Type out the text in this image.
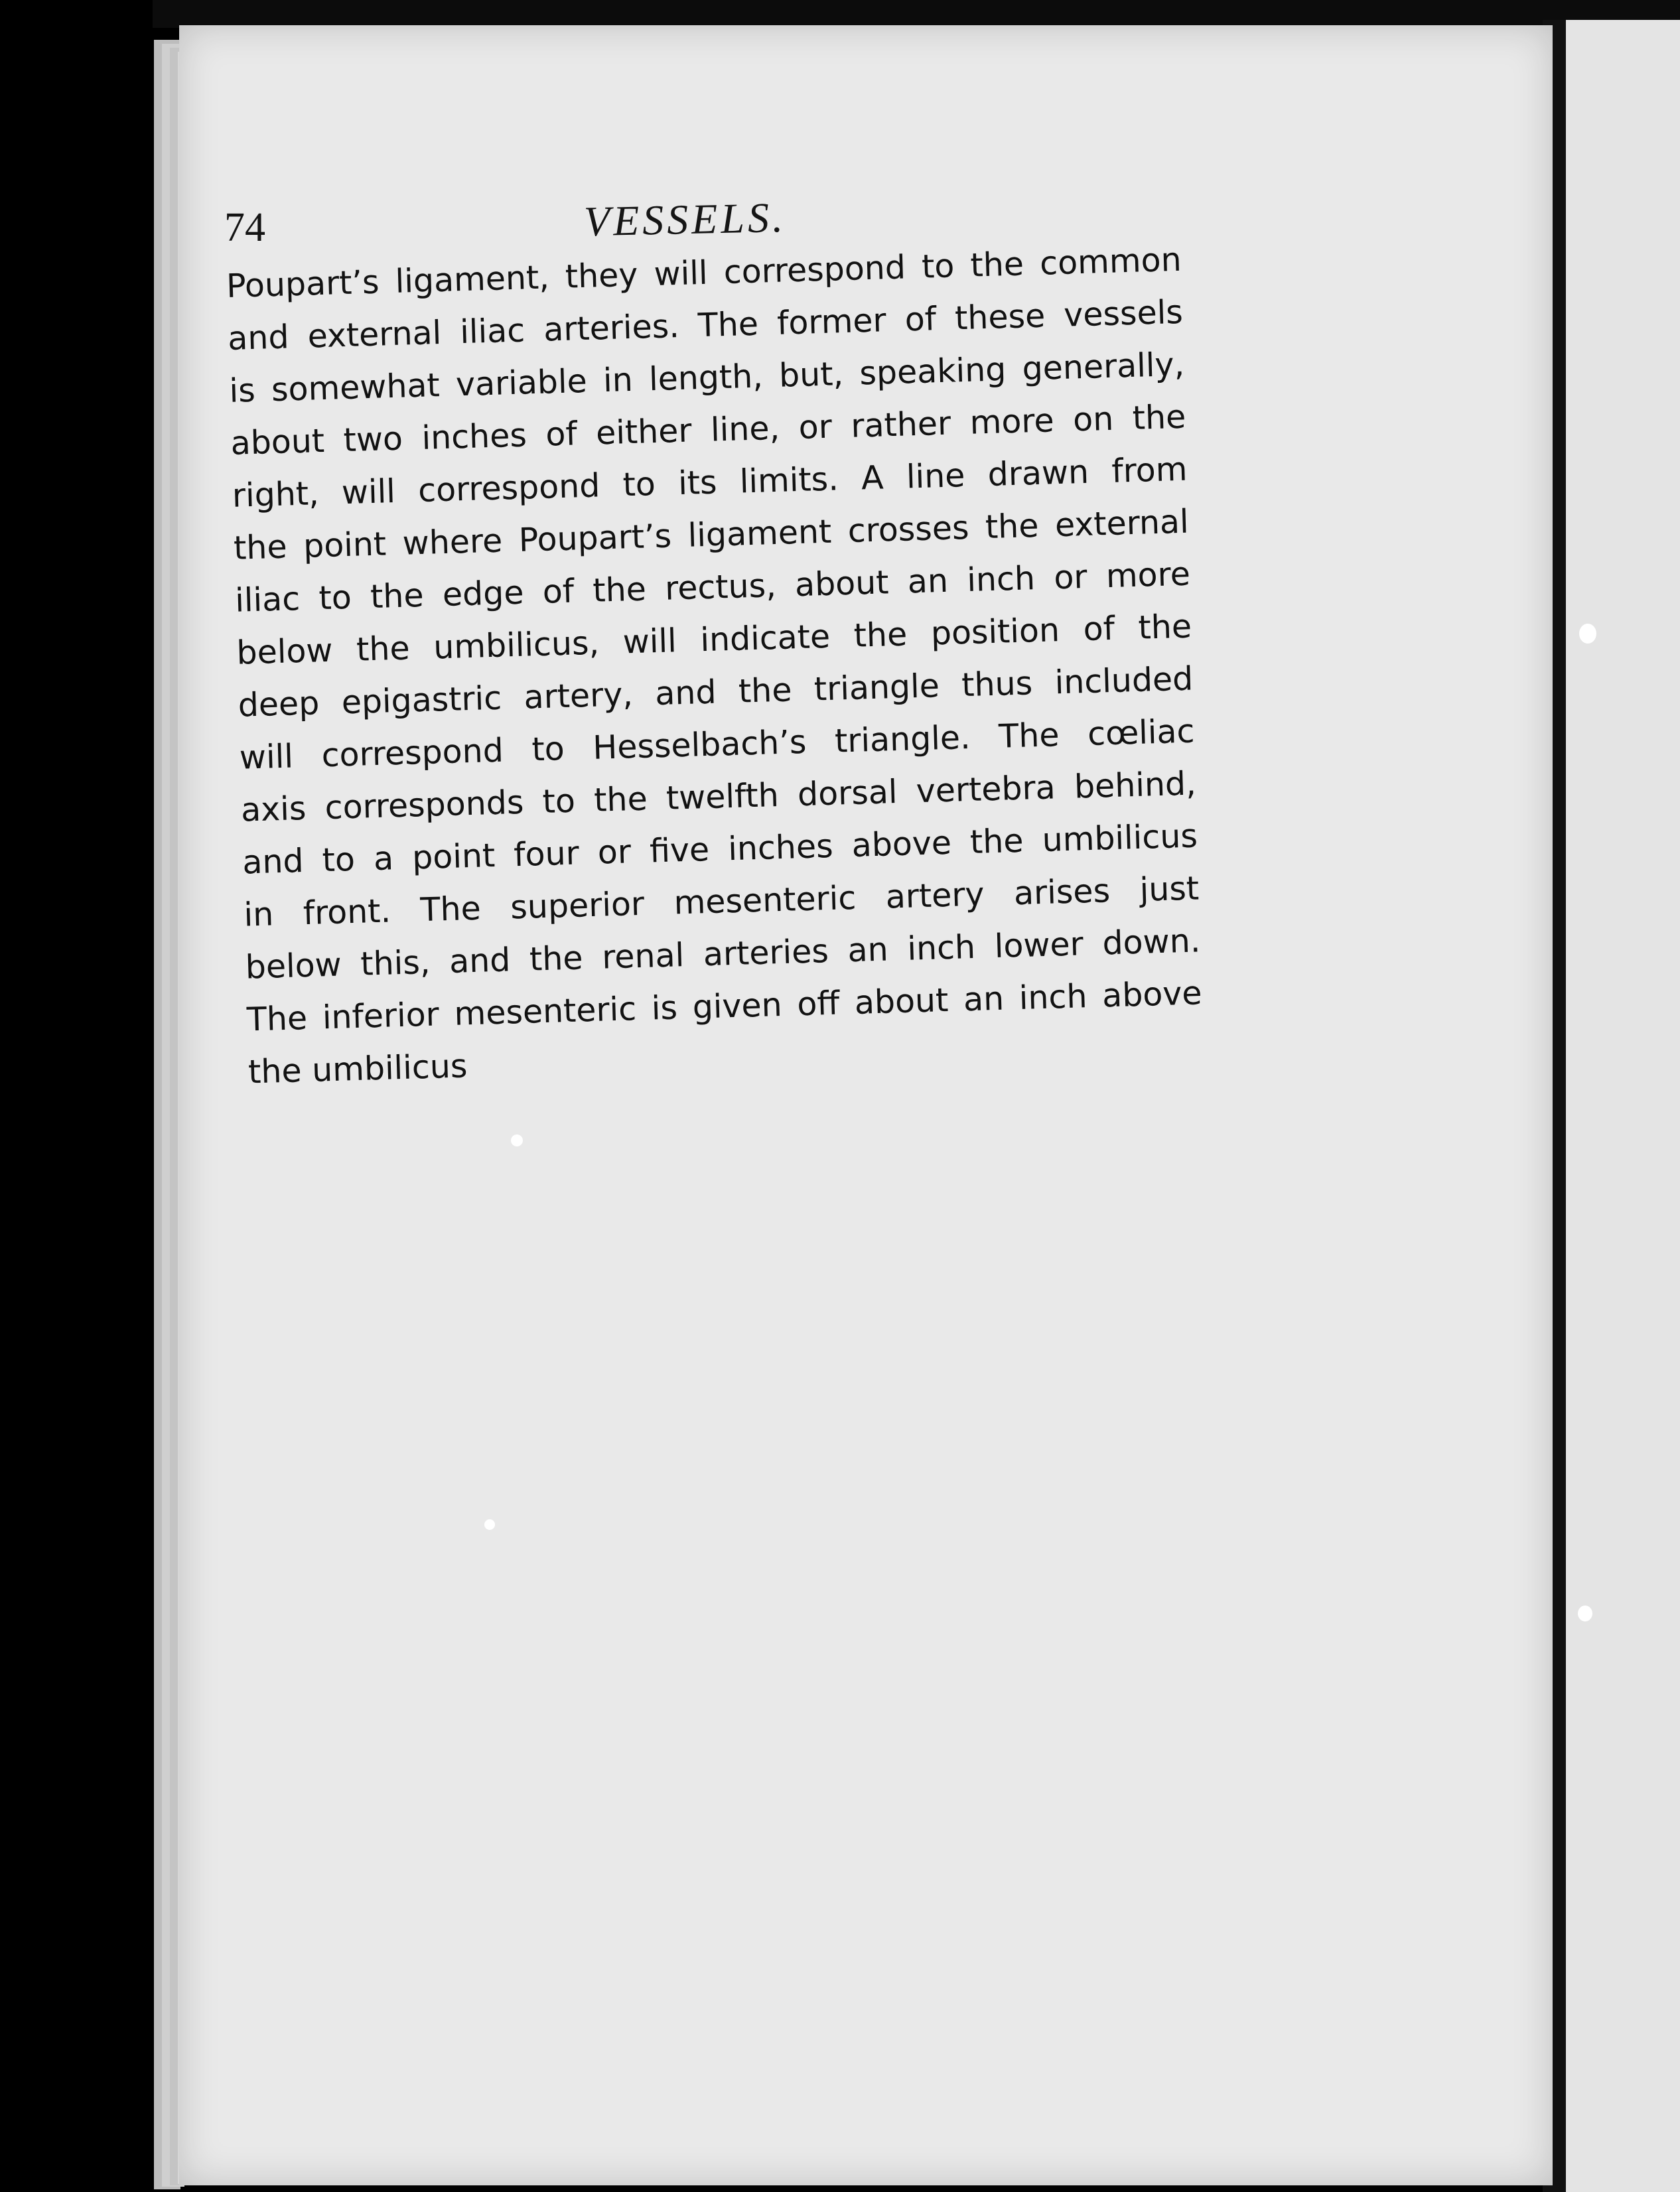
74	VESSELS.
Poupart’s ligament, they will correspond to the common
and external iliac arteries. The former of these vessels
is somewhat variable in length, but, speaking generally,
about two inches of either line, or rather more on the
right, will correspond to its limits. A line drawn from
the point where Poupart’s ligament crosses the external
iliac to the edge of the rectus, about an inch or more
below the umbilicus, will indicate the position of the
deep epigastric artery, and the triangle thus included
will correspond to Hesselbach’s triangle. The cœliac
axis corresponds to the twelfth dorsal vertebra behind,
and to a point four or five inches above the umbilicus
in front. The superior mesenteric artery arises just
below this, and the renal arteries an inch lower down.
The inferior mesenteric is given off about an inch above
the umbilicus
